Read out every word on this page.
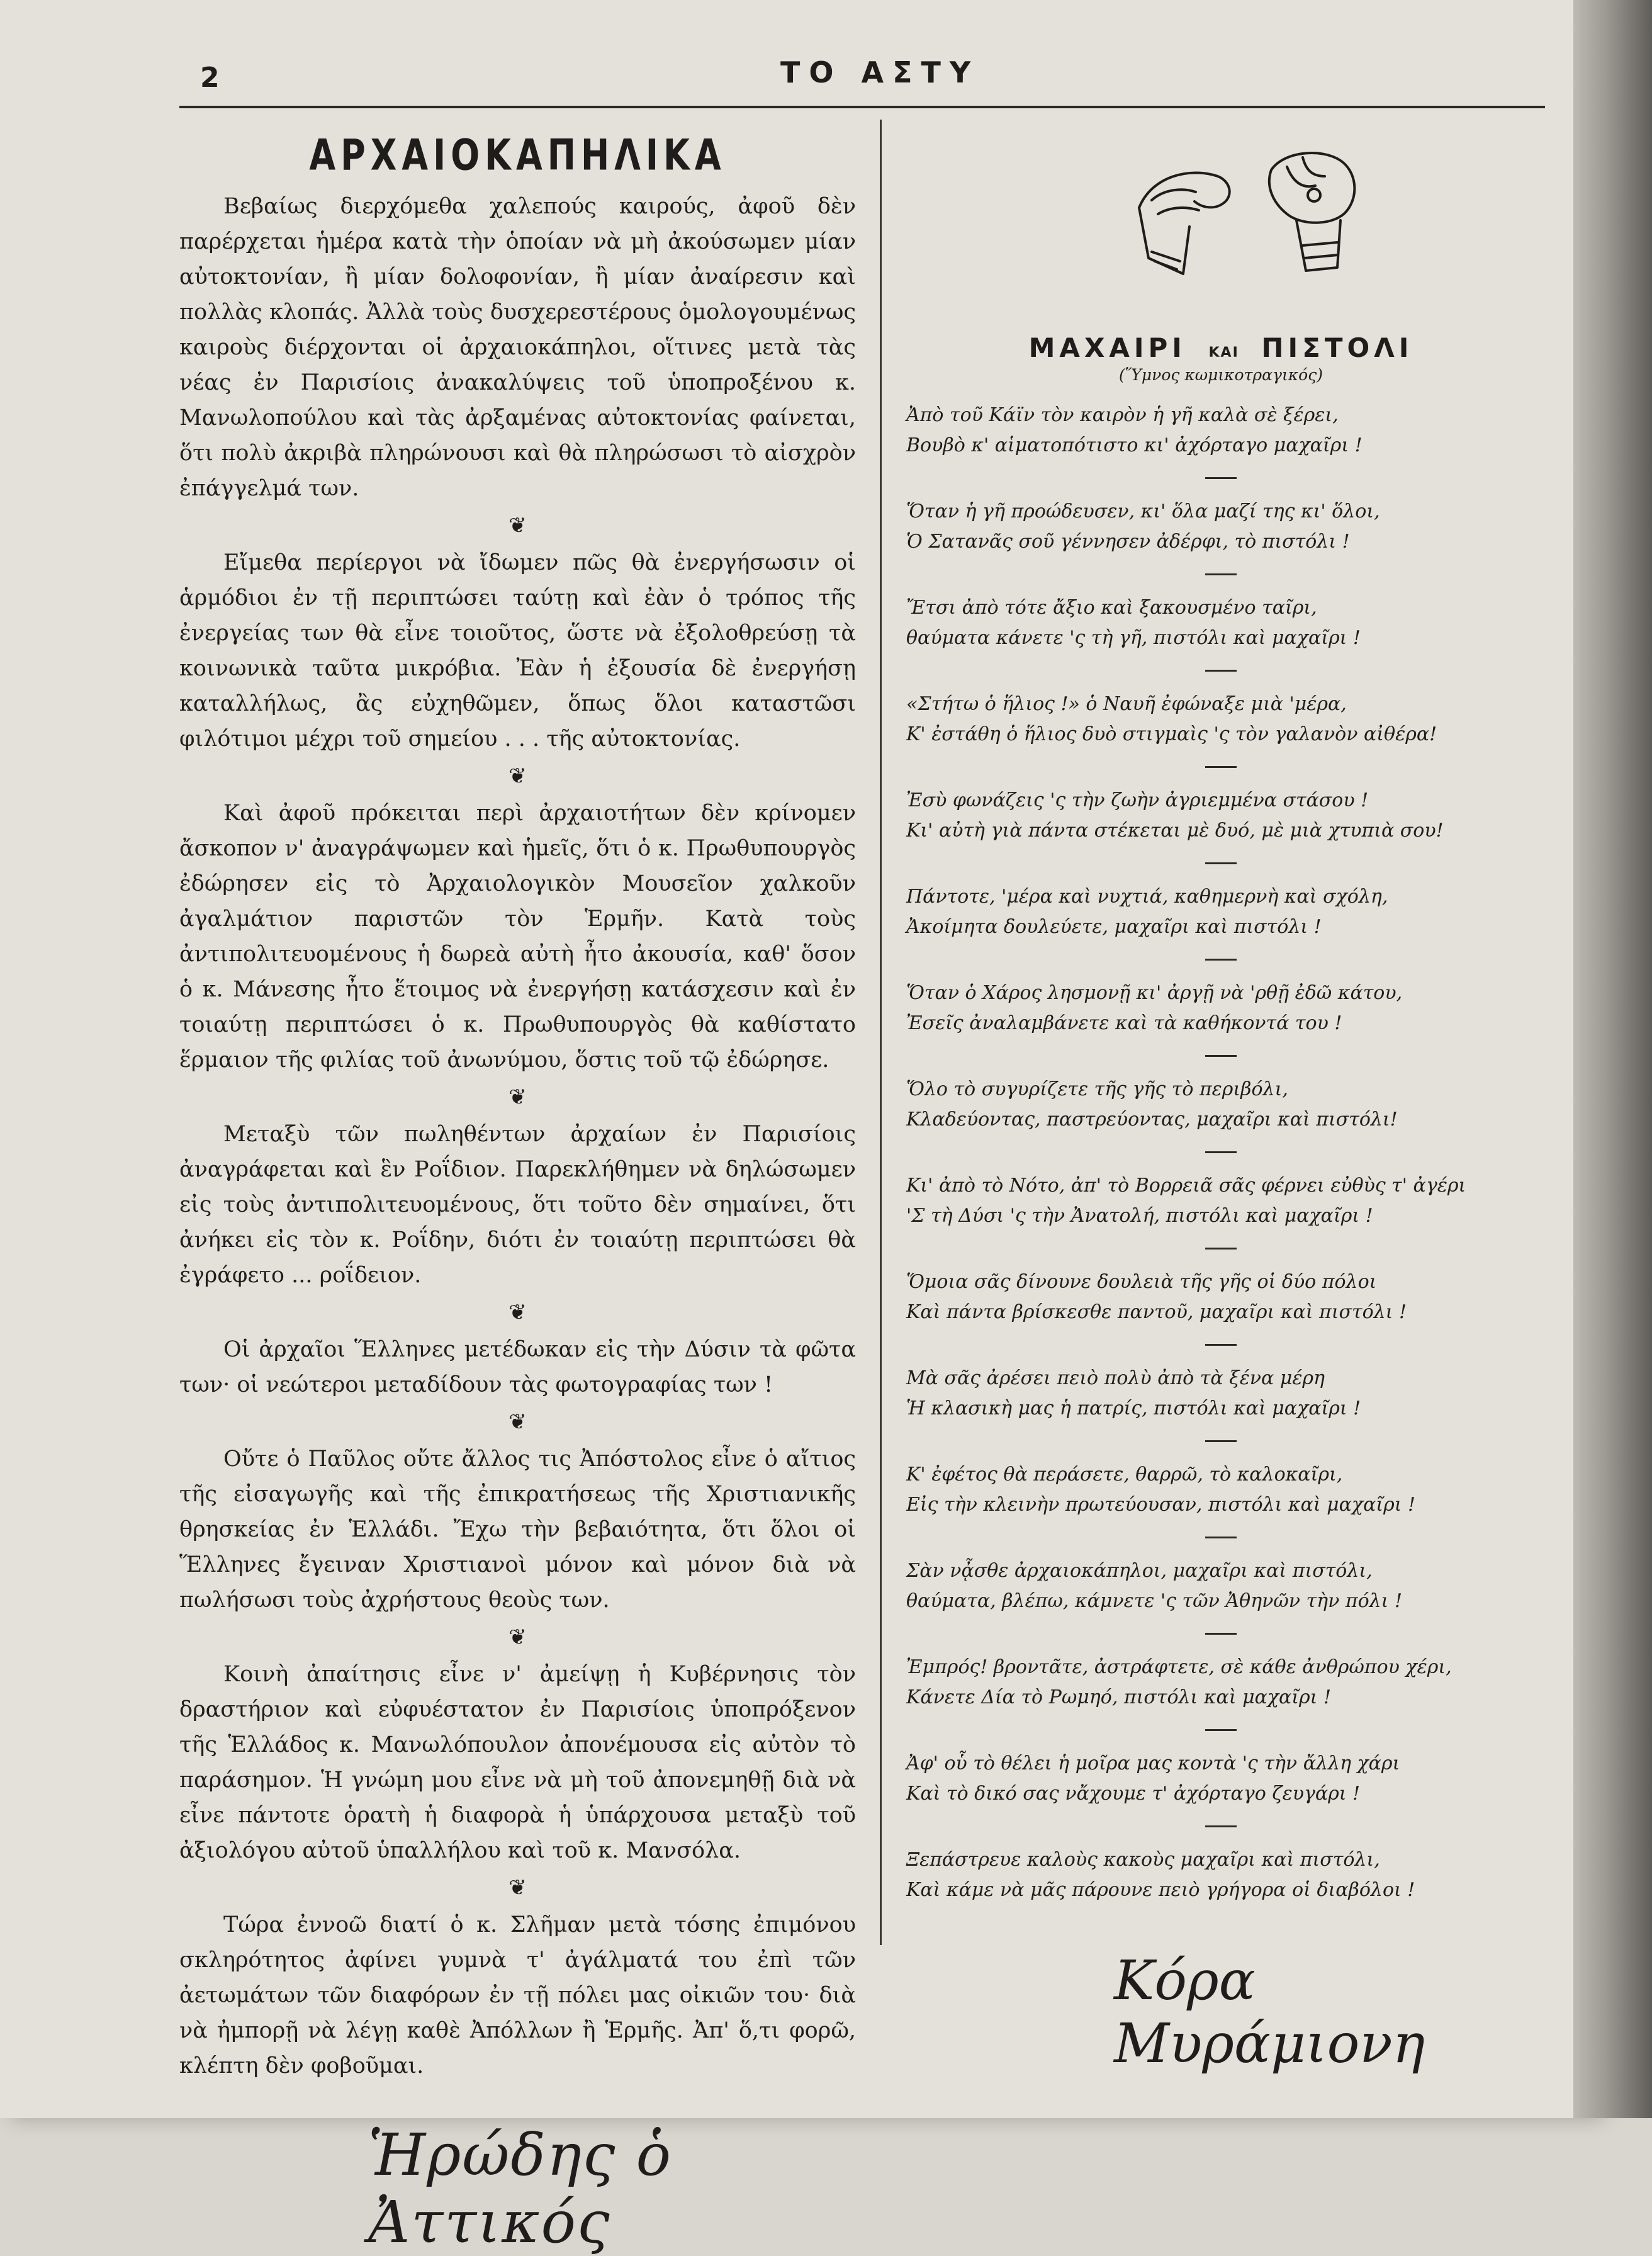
2	ΤΟ ΑΣΤΥ
ΑΡΧΑΙΟΚΑΠΗΛΙΚΑ

Βεβαίως διερχόμεθα χαλεπούς καιρούς, ἀφοῦ δὲν παρέρχεται ἡμέρα κατὰ τὴν ὁποίαν νὰ μὴ ἀκούσωμεν μίαν αὐτοκτονίαν, ἢ μίαν δολοφονίαν, ἢ μίαν ἀναίρεσιν καὶ πολλὰς κλοπάς. Ἀλλὰ τοὺς δυσχερεστέρους ὁμολογουμένως καιροὺς διέρχονται οἱ ἀρχαιοκάπηλοι, οἵτινες μετὰ τὰς νέας ἐν Παρισίοις ἀνακαλύψεις τοῦ ὑποπροξένου κ. Μανωλοπούλου καὶ τὰς ἀρξαμένας αὐτοκτονίας φαίνεται, ὅτι πολὺ ἀκριβὰ πληρώνουσι καὶ θὰ πληρώσωσι τὸ αἰσχρὸν ἐπάγγελμά των.

❦

Εἴμεθα περίεργοι νὰ ἴδωμεν πῶς θὰ ἐνεργήσωσιν οἱ ἁρμόδιοι ἐν τῇ περιπτώσει ταύτῃ καὶ ἐὰν ὁ τρόπος τῆς ἐνεργείας των θὰ εἶνε τοιοῦτος, ὥστε νὰ ἐξολοθρεύσῃ τὰ κοινωνικὰ ταῦτα μικρόβια. Ἐὰν ἡ ἐξουσία δὲ ἐνεργήσῃ καταλλήλως, ἂς εὐχηθῶμεν, ὅπως ὅλοι καταστῶσι φιλότιμοι μέχρι τοῦ σημείου . . . τῆς αὐτοκτονίας.

❦

Καὶ ἀφοῦ πρόκειται περὶ ἀρχαιοτήτων δὲν κρίνομεν ἄσκοπον ν' ἀναγράψωμεν καὶ ἡμεῖς, ὅτι ὁ κ. Πρωθυπουργὸς ἐδώρησεν εἰς τὸ Ἀρχαιολογικὸν Μουσεῖον χαλκοῦν ἀγαλμάτιον παριστῶν τὸν Ἑρμῆν. Κατὰ τοὺς ἀντιπολιτευομένους ἡ δωρεὰ αὐτὴ ἦτο ἀκουσία, καθ' ὅσον ὁ κ. Μάνεσης ἦτο ἕτοιμος νὰ ἐνεργήσῃ κατάσχεσιν καὶ ἐν τοιαύτῃ περιπτώσει ὁ κ. Πρωθυπουργὸς θὰ καθίστατο ἕρμαιον τῆς φιλίας τοῦ ἀνωνύμου, ὅστις τοῦ τῷ ἐδώρησε.

❦

Μεταξὺ τῶν πωληθέντων ἀρχαίων ἐν Παρισίοις ἀναγράφεται καὶ ἓν Ροΐδιον. Παρεκλήθημεν νὰ δηλώσωμεν εἰς τοὺς ἀντιπολιτευομένους, ὅτι τοῦτο δὲν σημαίνει, ὅτι ἀνήκει εἰς τὸν κ. Ροΐδην, διότι ἐν τοιαύτῃ περιπτώσει θὰ ἐγράφετο ... ροΐδειον.

❦

Οἱ ἀρχαῖοι Ἕλληνες μετέδωκαν εἰς τὴν Δύσιν τὰ φῶτα των· οἱ νεώτεροι μεταδίδουν τὰς φωτογραφίας των !

❦

Οὔτε ὁ Παῦλος οὔτε ἄλλος τις Ἀπόστολος εἶνε ὁ αἴτιος τῆς εἰσαγωγῆς καὶ τῆς ἐπικρατήσεως τῆς Χριστιανικῆς θρησκείας ἐν Ἑλλάδι. Ἔχω τὴν βεβαιότητα, ὅτι ὅλοι οἱ Ἕλληνες ἔγειναν Χριστιανοὶ μόνον καὶ μόνον διὰ νὰ πωλήσωσι τοὺς ἀχρήστους θεοὺς των.

❦

Κοινὴ ἀπαίτησις εἶνε ν' ἀμείψῃ ἡ Κυβέρνησις τὸν δραστήριον καὶ εὐφυέστατον ἐν Παρισίοις ὑποπρόξενον τῆς Ἑλλάδος κ. Μανωλόπουλον ἀπονέμουσα εἰς αὐτὸν τὸ παράσημον. Ἡ γνώμη μου εἶνε νὰ μὴ τοῦ ἀπονεμηθῇ διὰ νὰ εἶνε πάντοτε ὁρατὴ ἡ διαφορὰ ἡ ὑπάρχουσα μεταξὺ τοῦ ἀξιολόγου αὐτοῦ ὑπαλλήλου καὶ τοῦ κ. Μανσόλα.

❦

Τώρα ἐννοῶ διατί ὁ κ. Σλῆμαν μετὰ τόσης ἐπιμόνου σκληρότητος ἀφίνει γυμνὰ τ' ἀγάλματά του ἐπὶ τῶν ἀετωμάτων τῶν διαφόρων ἐν τῇ πόλει μας οἰκιῶν του· διὰ νὰ ἠμπορῇ νὰ λέγῃ καθὲ Ἀπόλλων ἢ Ἑρμῆς. Ἀπ' ὅ,τι φορῶ, κλέπτη δὲν φοβοῦμαι.

Ἡρώδης ὁ Ἀττικός
ΜΑΧΑΙΡΙ ΚΑΙ ΠΙΣΤΟΛΙ
(Ὕμνος κωμικοτραγικός)

Ἀπὸ τοῦ Κάϊν τὸν καιρὸν ἡ γῆ καλὰ σὲ ξέρει,

Βουβὸ κ' αἱματοπότιστο κι' ἀχόρταγο μαχαῖρι !

Ὅταν ἡ γῆ προώδευσεν, κι' ὅλα μαζί της κι' ὅλοι,

Ὁ Σατανᾶς σοῦ γέννησεν ἀδέρφι, τὸ πιστόλι !

Ἔτσι ἀπὸ τότε ἄξιο καὶ ξακουσμένο ταῖρι,

θαύματα κάνετε 'ς τὴ γῆ, πιστόλι καὶ μαχαῖρι !

«Στήτω ὁ ἥλιος !» ὁ Ναυῆ ἐφώναξε μιὰ 'μέρα,

Κ' ἐστάθη ὁ ἥλιος δυὸ στιγμαὶς 'ς τὸν γαλανὸν αἰθέρα!

Ἐσὺ φωνάζεις 'ς τὴν ζωὴν ἀγριεμμένα στάσου !

Κι' αὐτὴ γιὰ πάντα στέκεται μὲ δυό, μὲ μιὰ χτυπιὰ σου!

Πάντοτε, 'μέρα καὶ νυχτιά, καθημερνὴ καὶ σχόλη,

Ἀκοίμητα δουλεύετε, μαχαῖρι καὶ πιστόλι !

Ὅταν ὁ Χάρος λησμονῇ κι' ἀργῇ νὰ 'ρθῇ ἐδῶ κάτου,

Ἐσεῖς ἀναλαμβάνετε καὶ τὰ καθήκοντά του !

Ὅλο τὸ συγυρίζετε τῆς γῆς τὸ περιβόλι,

Κλαδεύοντας, παστρεύοντας, μαχαῖρι καὶ πιστόλι!

Κι' ἀπὸ τὸ Νότο, ἀπ' τὸ Βορρειᾶ σᾶς φέρνει εὐθὺς τ' ἀγέρι

'Σ τὴ Δύσι 'ς τὴν Ἀνατολή, πιστόλι καὶ μαχαῖρι !

Ὅμοια σᾶς δίνουνε δουλειὰ τῆς γῆς οἱ δύο πόλοι

Καὶ πάντα βρίσκεσθε παντοῦ, μαχαῖρι καὶ πιστόλι !

Μὰ σᾶς ἀρέσει πειὸ πολὺ ἀπὸ τὰ ξένα μέρη

Ἡ κλασικὴ μας ἡ πατρίς, πιστόλι καὶ μαχαῖρι !

Κ' ἐφέτος θὰ περάσετε, θαρρῶ, τὸ καλοκαῖρι,

Εἰς τὴν κλεινὴν πρωτεύουσαν, πιστόλι καὶ μαχαῖρι !

Σὰν νᾆσθε ἀρχαιοκάπηλοι, μαχαῖρι καὶ πιστόλι,

θαύματα, βλέπω, κάμνετε 'ς τῶν Ἀθηνῶν τὴν πόλι !

Ἐμπρός! βροντᾶτε, ἀστράφτετε, σὲ κάθε ἀνθρώπου χέρι,

Κάνετε Δία τὸ Ρωμηό, πιστόλι καὶ μαχαῖρι !

Ἀφ' οὗ τὸ θέλει ἡ μοῖρα μας κοντὰ 'ς τὴν ἄλλη χάρι

Καὶ τὸ δικό σας νἄχουμε τ' ἀχόρταγο ζευγάρι !

Ξεπάστρευε καλοὺς κακοὺς μαχαῖρι καὶ πιστόλι,

Καὶ κάμε νὰ μᾶς πάρουνε πειὸ γρήγορα οἱ διαβόλοι !

Κόρα Μυράμιονη
